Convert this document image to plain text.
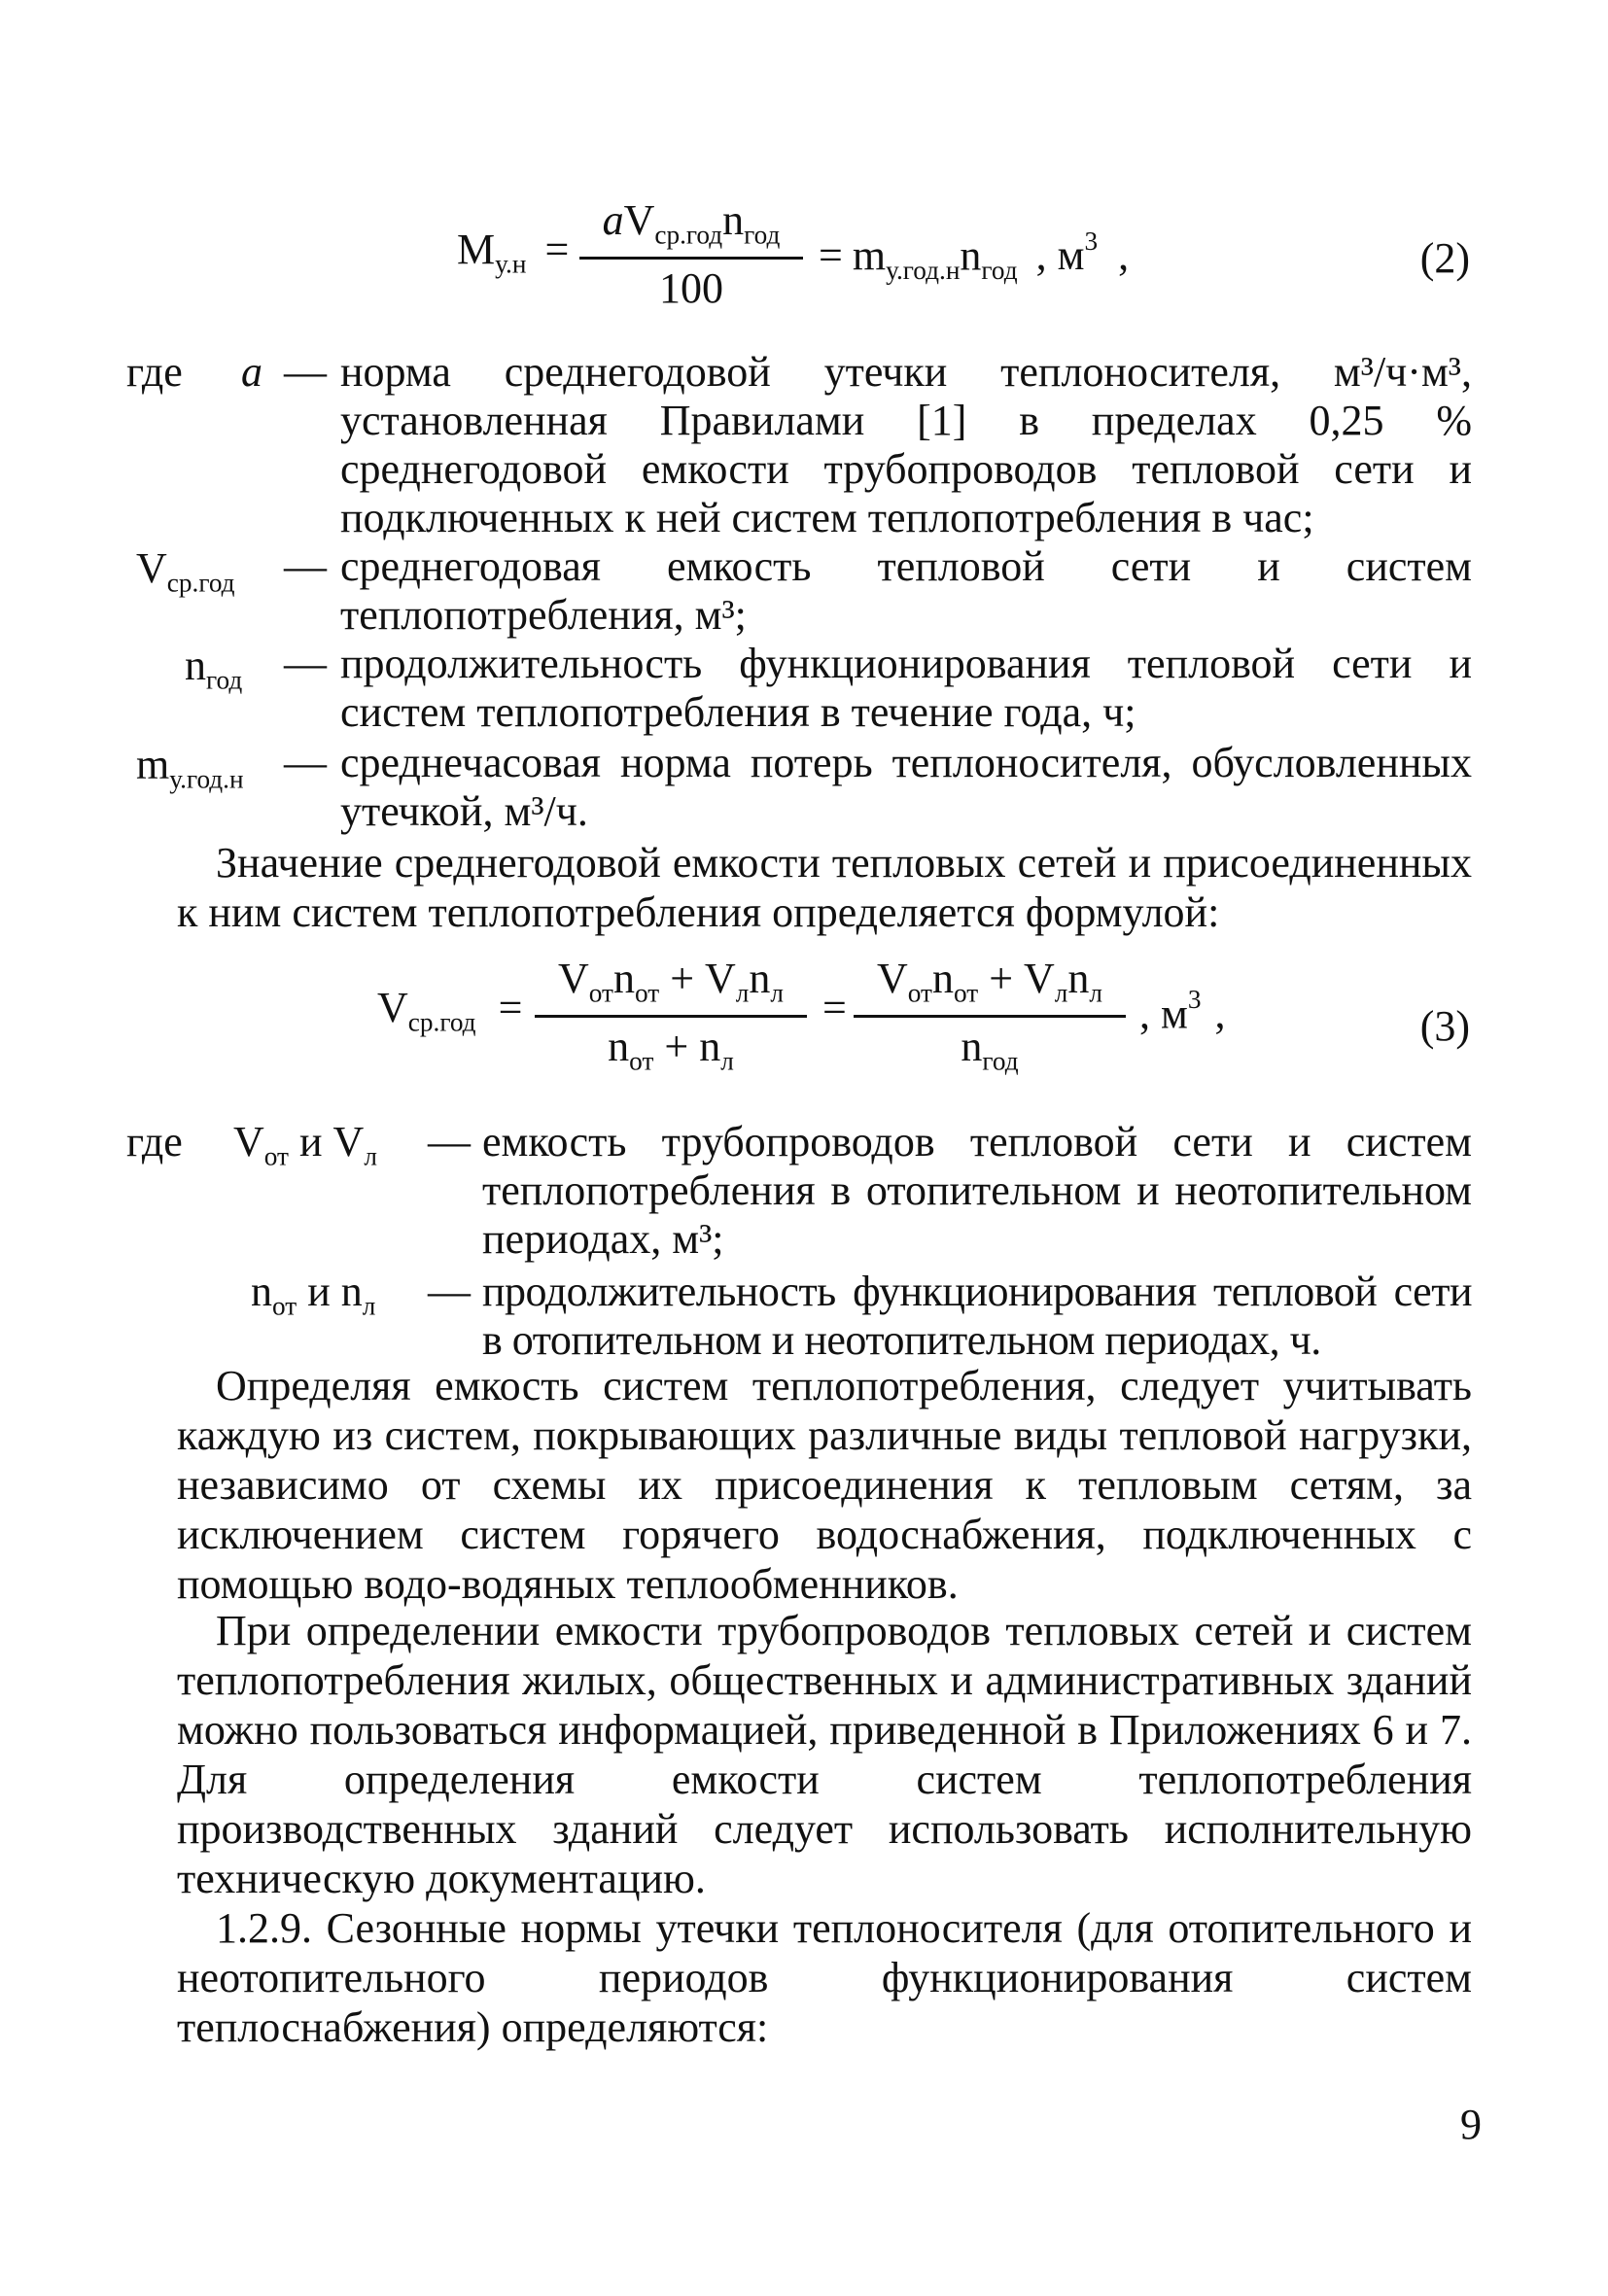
$M_{у.н}$ =
$aV_{ср.год}n_{год}$
100
= $m_{у.год.н}n_{год}$ , $м^3$ ,	(2)
где	a — норма среднегодовой утечки теплоносителя, м³/ч·м³, установленная Правилами [1] в пределах 0,25 % среднегодовой емкости трубопроводов тепловой сети и подключенных к ней систем теплопотребления в час;
$V_{ср.год}$	— среднегодовая емкость тепловой сети и систем теплопотребления, м³;
$n_{год}$ — продолжительность функционирования тепловой сети и систем теплопотребления в течение года, ч;
$m_{у.год.н}$ — среднечасовая норма потерь теплоносителя, обусловленных утечкой, м³/ч.
Значение среднегодовой емкости тепловых сетей и присоединенных к ним систем теплопотребления определяется формулой:
$V_{ср.год}$ =
$V_{от}n_{от} + V_лn_л$
$n_{от} + n_л$
=
$V_{от}n_{от} + V_лn_л$
$n_{год}$
, $м^3$ ,	(3)
где $V_{от}$ и $V_л$ — емкость трубопроводов тепловой сети и систем теплопотребления в отопительном и неотопительном периодах, м³;
$n_{от}$ и $n_л$ — продолжительность функционирования тепловой сети в отопительном и неотопительном периодах, ч.
Определяя емкость систем теплопотребления, следует учитывать каждую из систем, покрывающих различные виды тепловой нагрузки, независимо от схемы их присоединения к тепловым сетям, за исключением систем горячего водоснабжения, подключенных с помощью водо-водяных теплообменников.
При определении емкости трубопроводов тепловых сетей и систем теплопотребления жилых, общественных и административных зданий можно пользоваться информацией, приведенной в Приложениях 6 и 7. Для определения емкости систем теплопотребления производственных зданий следует использовать исполнительную техническую документацию.
1.2.9. Сезонные нормы утечки теплоносителя (для отопительного и неотопительного периодов функционирования систем теплоснабжения) определяются:
9
